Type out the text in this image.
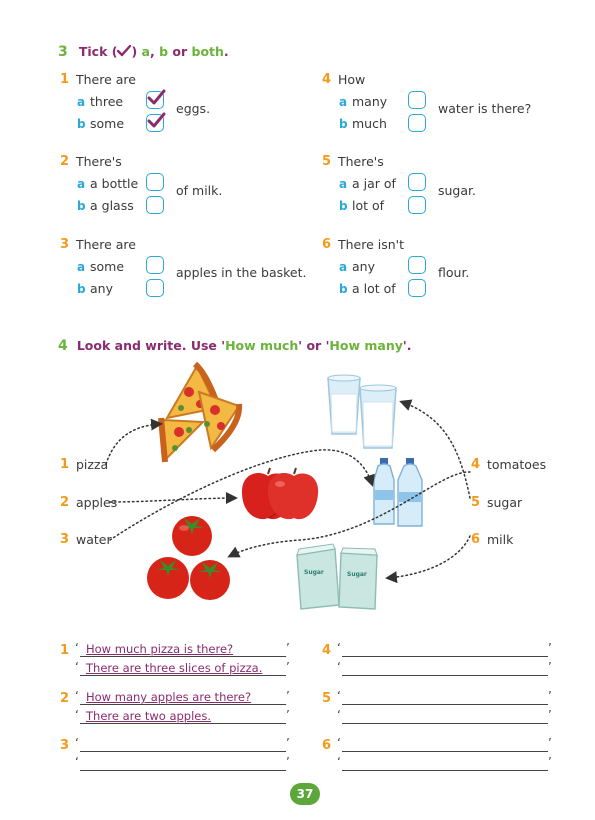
3 Tick ( ) a, b or both.
1 There are
a three
b some
eggs.
2 There's
a a bottle
b a glass
of milk.
3 There are
a some
b any
apples in the basket.
4 How
a many
b much
water is there?
5 There's
a a jar of
b lot of
sugar.
6 There isn't
a any
b a lot of
flour.
4 Look and write. Use 'How much' or 'How many'.
Sugar	Sugar
1 pizza
2 apples
3 water
4 tomatoes
5 sugar
6 milk
1 ‘	’
How much pizza is there?
‘	’
There are three slices of pizza.
2 ‘	’
How many apples are there?
‘	’
There are two apples.
3 ‘	’
‘	’
4 ‘	’
‘	’
5 ‘	’
‘	’
6 ‘	’
‘	’
37
